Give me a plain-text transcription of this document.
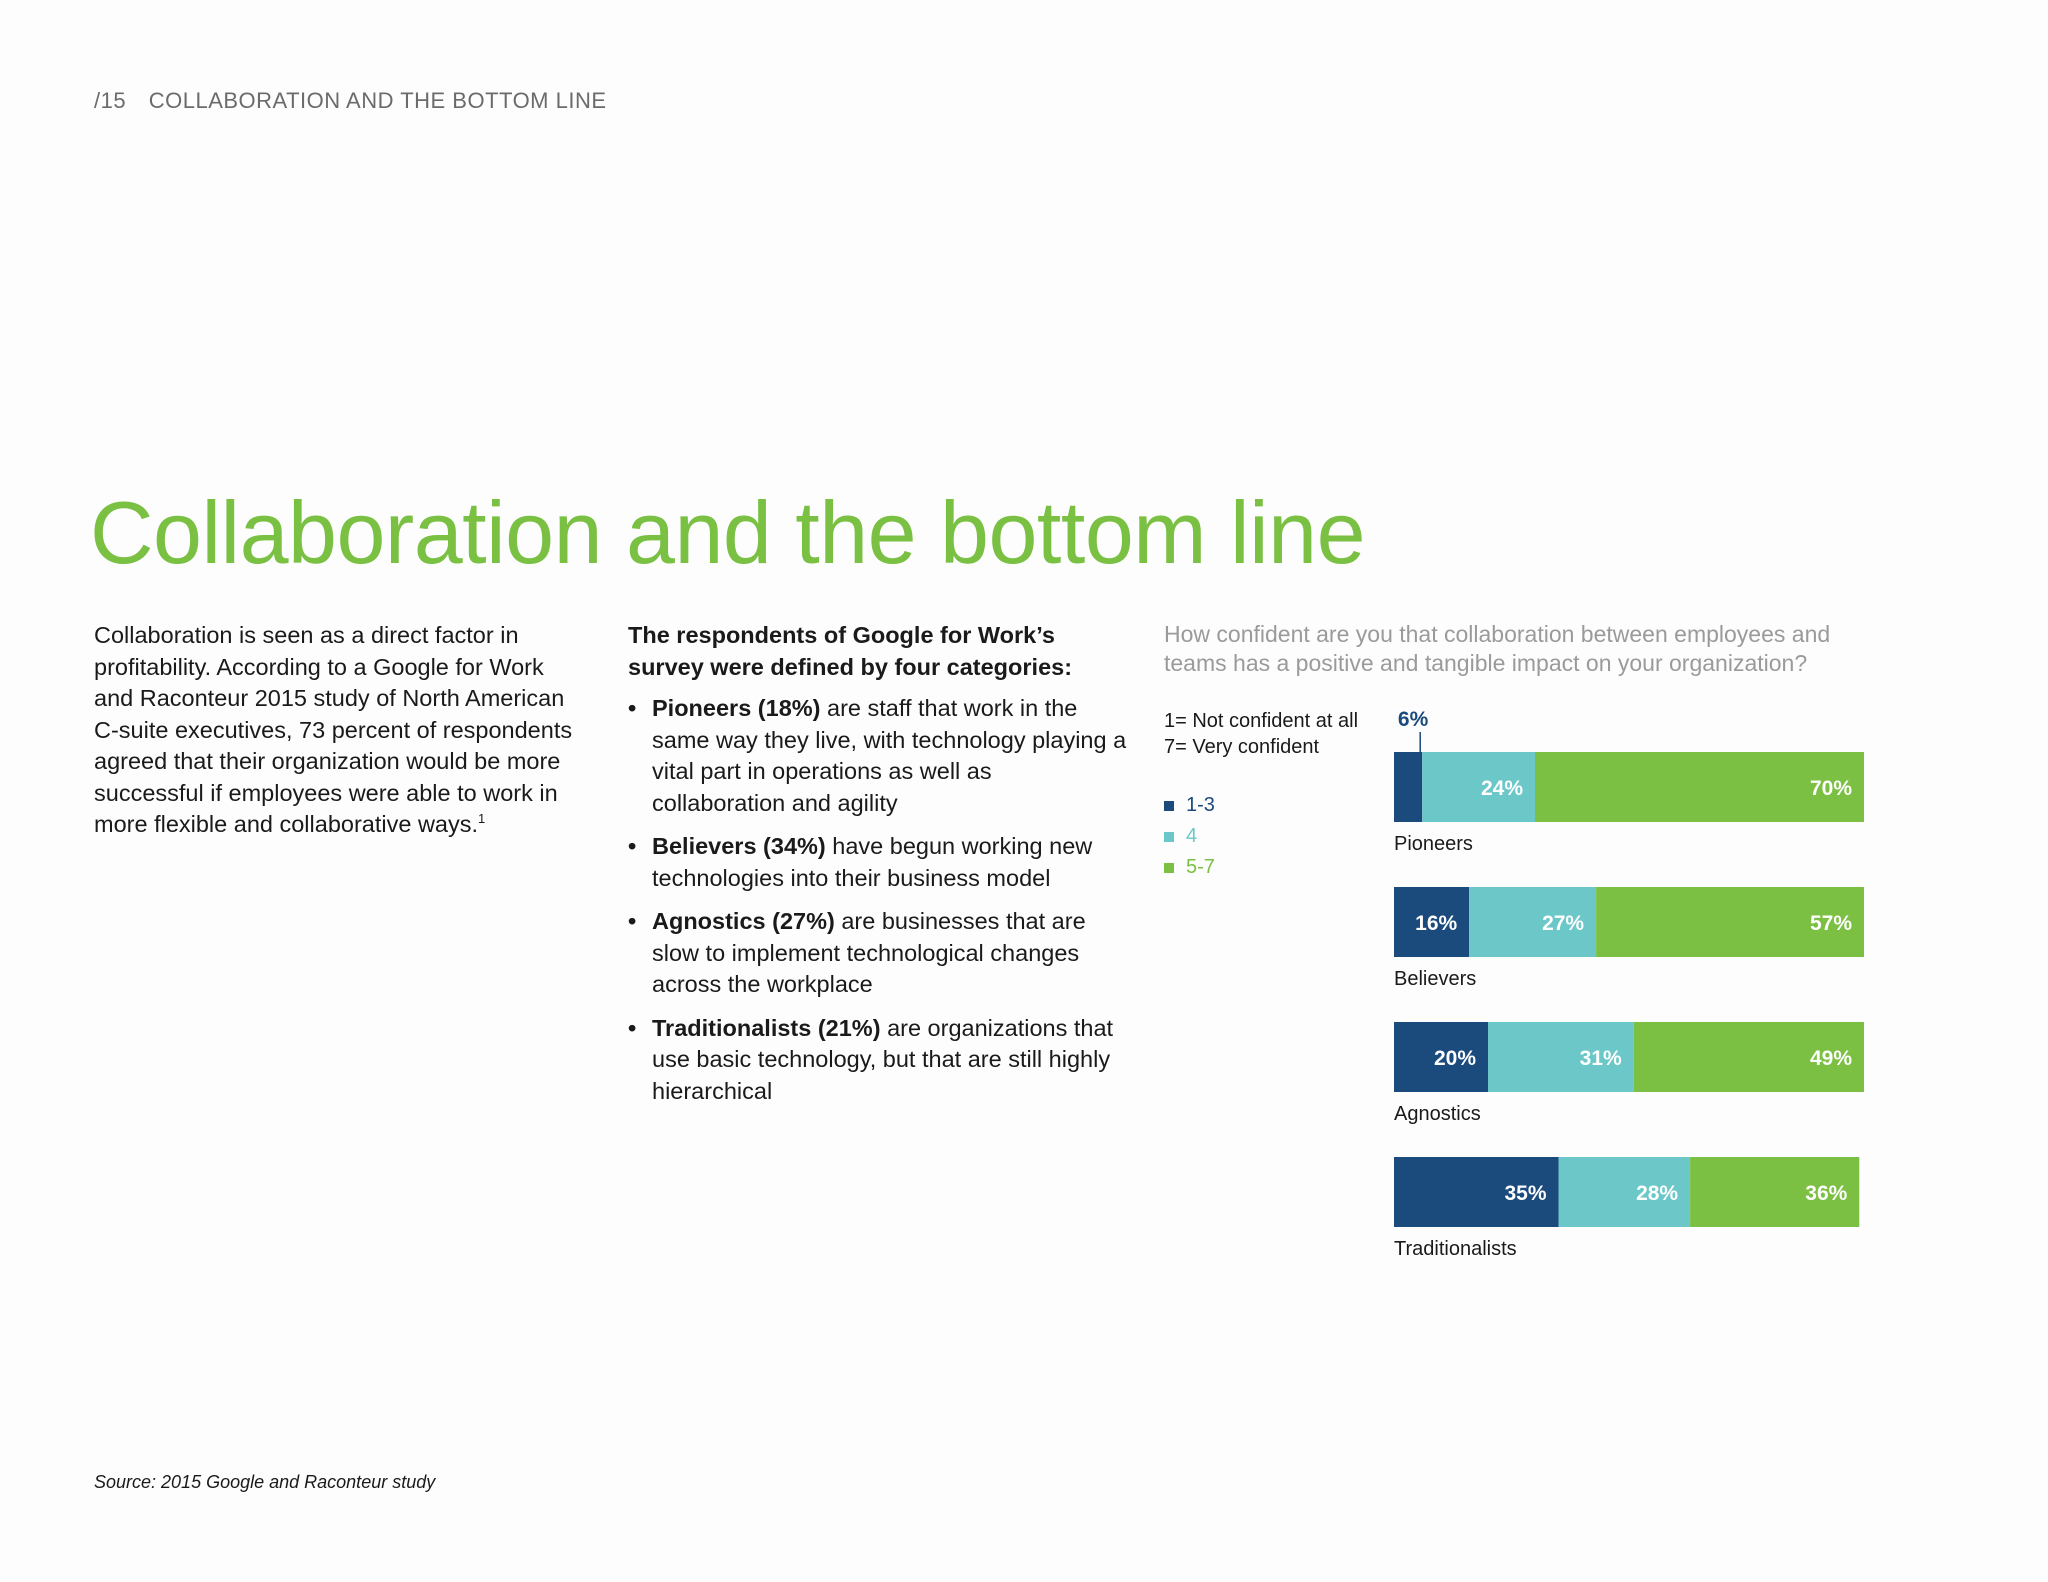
/15 COLLABORATION AND THE BOTTOM LINE
Collaboration and the bottom line
Collaboration is seen as a direct factor in profitability. According to a Google for Work and Raconteur 2015 study of North American C-suite executives, 73 percent of respondents agreed that their organization would be more successful if employees were able to work in more flexible and collaborative ways.$^1$

The respondents of Google for Work’s survey were defined by four categories:

• Pioneers (18%) are staff that work in the same way they live, with technology playing a vital part in operations as well as collaboration and agility
• Believers (34%) have begun working new technologies into their business model
• Agnostics (27%) are businesses that are slow to implement technological changes across the workplace
• Traditionalists (21%) are organizations that use basic technology, but that are still highly hierarchical
How confident are you that collaboration between employees and teams has a positive and tangible impact on your organization?
1= Not confident at all
7= Very confident
1-3
4
5-7
6%
24%	70%
Pioneers
16%	27%	57%
Believers
20%	31%	49%
Agnostics
35%	28%	36%
Traditionalists
Source: 2015 Google and Raconteur study
